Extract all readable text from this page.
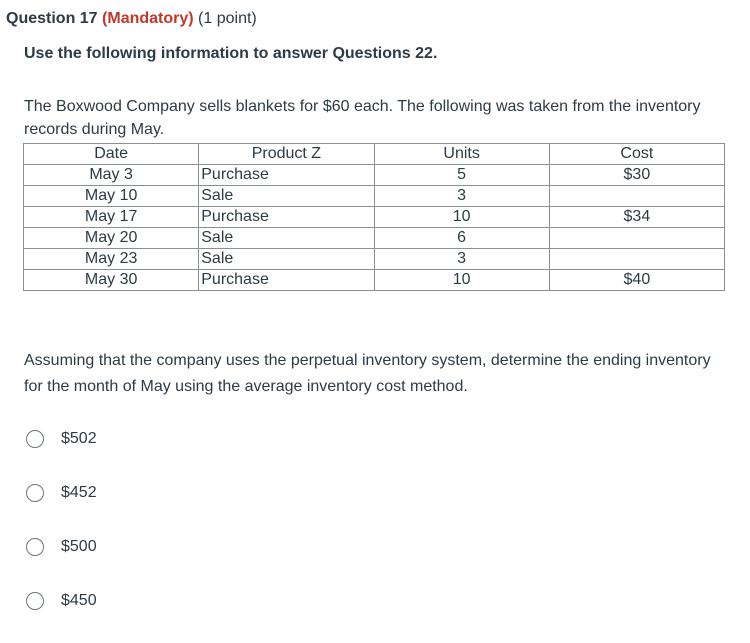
Question 17 (Mandatory) (1 point)
Use the following information to answer Questions 22.
The Boxwood Company sells blankets for $60 each. The following was taken from the inventory records during May.
Date	Product Z	Units	Cost
May 3	Purchase	5	$30
May 10	Sale	3	
May 17	Purchase	10	$34
May 20	Sale	6	
May 23	Sale	3	
May 30	Purchase	10	$40
Assuming that the company uses the perpetual inventory system, determine the ending inventory for the month of May using the average inventory cost method.
$502
$452
$500
$450
